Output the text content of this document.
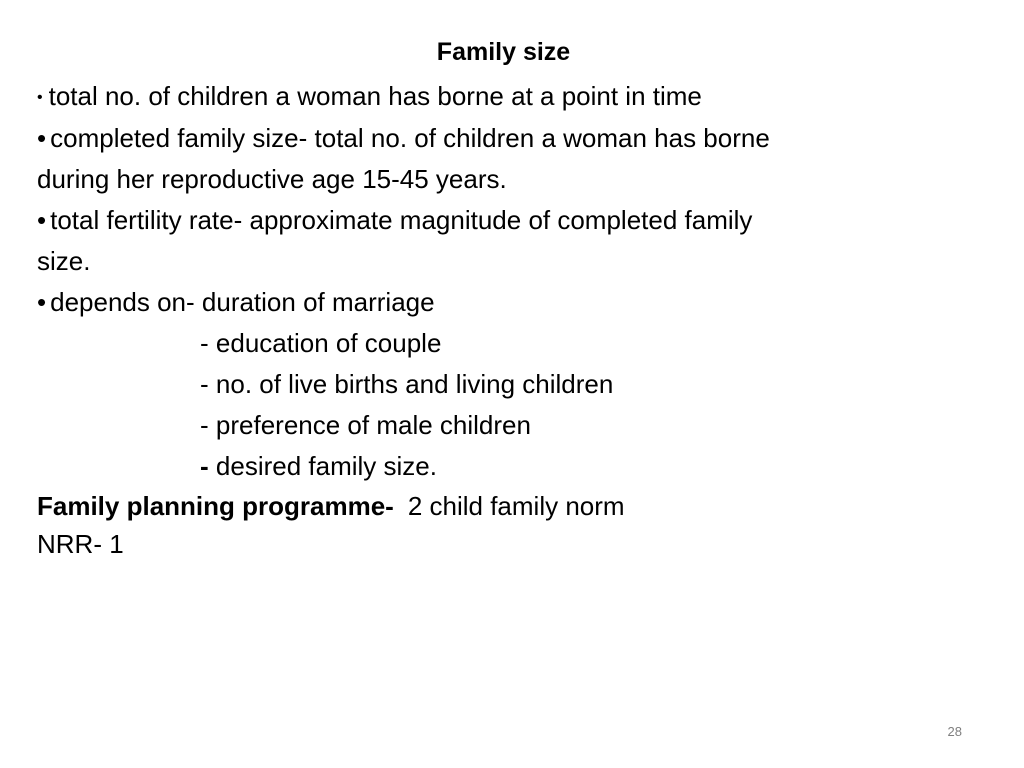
Family size
• total no. of children a woman has borne at a point in time
• completed family size- total no. of children a woman has borne
during her reproductive age 15-45 years.
• total fertility rate- approximate magnitude of completed family
size.
• depends on- duration of marriage
- education of couple
- no. of live births and living children
- preference of male children
- desired family size.
Family planning programme- 2 child family norm
NRR- 1
28
